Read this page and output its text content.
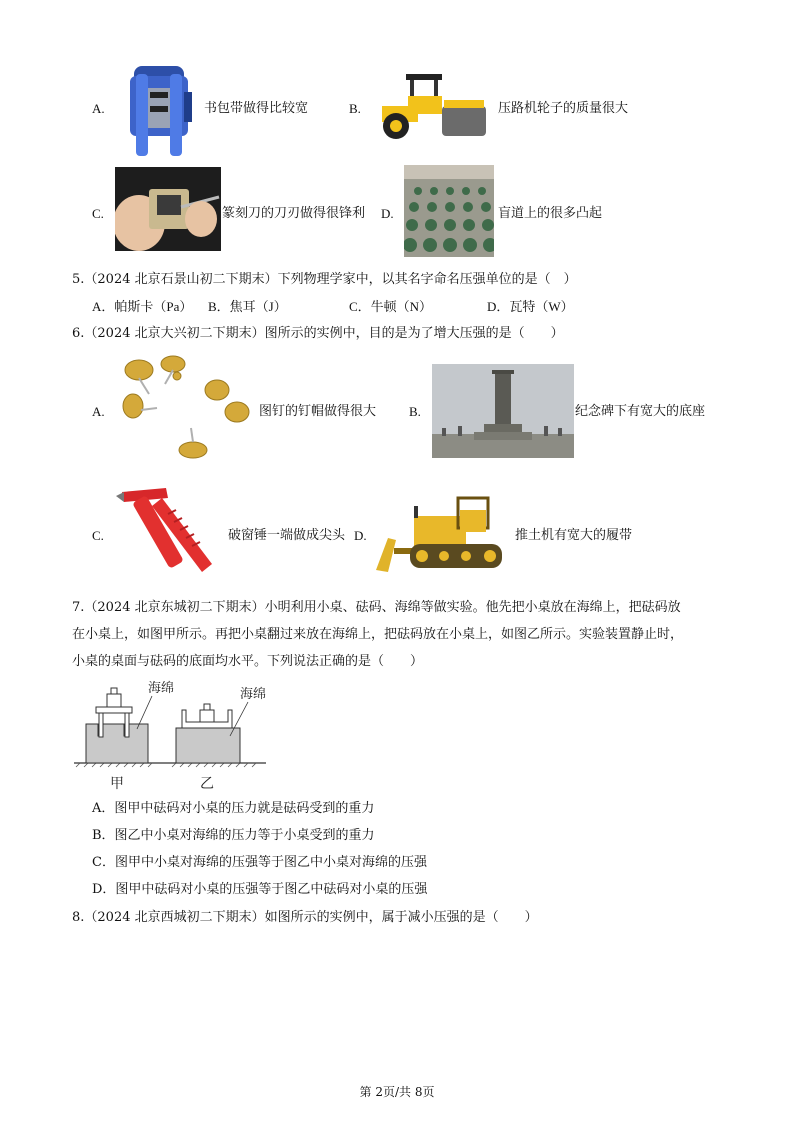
A.	书包带做得比较宽	B.	压路机轮子的质量很大
C.	篆刻刀的刀刃做得很锋利 D.	盲道上的很多凸起
5.（2024 北京石景山初二下期末）下列物理学家中，以其名字命名压强单位的是（　）
A．帕斯卡（Pa） B．焦耳（J）	C．牛顿（N）	D．瓦特（W）
6.（2024 北京大兴初二下期末）图所示的实例中，目的是为了增大压强的是（　　）
A.	图钉的钉帽做得很大	B.	纪念碑下有宽大的底座
C.	破窗锤一端做成尖头 D.	推土机有宽大的履带
7.（2024 北京东城初二下期末）小明利用小桌、砝码、海绵等做实验。他先把小桌放在海绵上，把砝码放
在小桌上，如图甲所示。再把小桌翻过来放在海绵上，把砝码放在小桌上，如图乙所示。实验装置静止时，
小桌的桌面与砝码的底面均水平。下列说法正确的是（　　）
海绵	海绵
甲	乙
A．图甲中砝码对小桌的压力就是砝码受到的重力
B．图乙中小桌对海绵的压力等于小桌受到的重力
C．图甲中小桌对海绵的压强等于图乙中小桌对海绵的压强
D．图甲中砝码对小桌的压强等于图乙中砝码对小桌的压强
8.（2024 北京西城初二下期末）如图所示的实例中，属于减小压强的是（　　）
第 2页/共 8页
